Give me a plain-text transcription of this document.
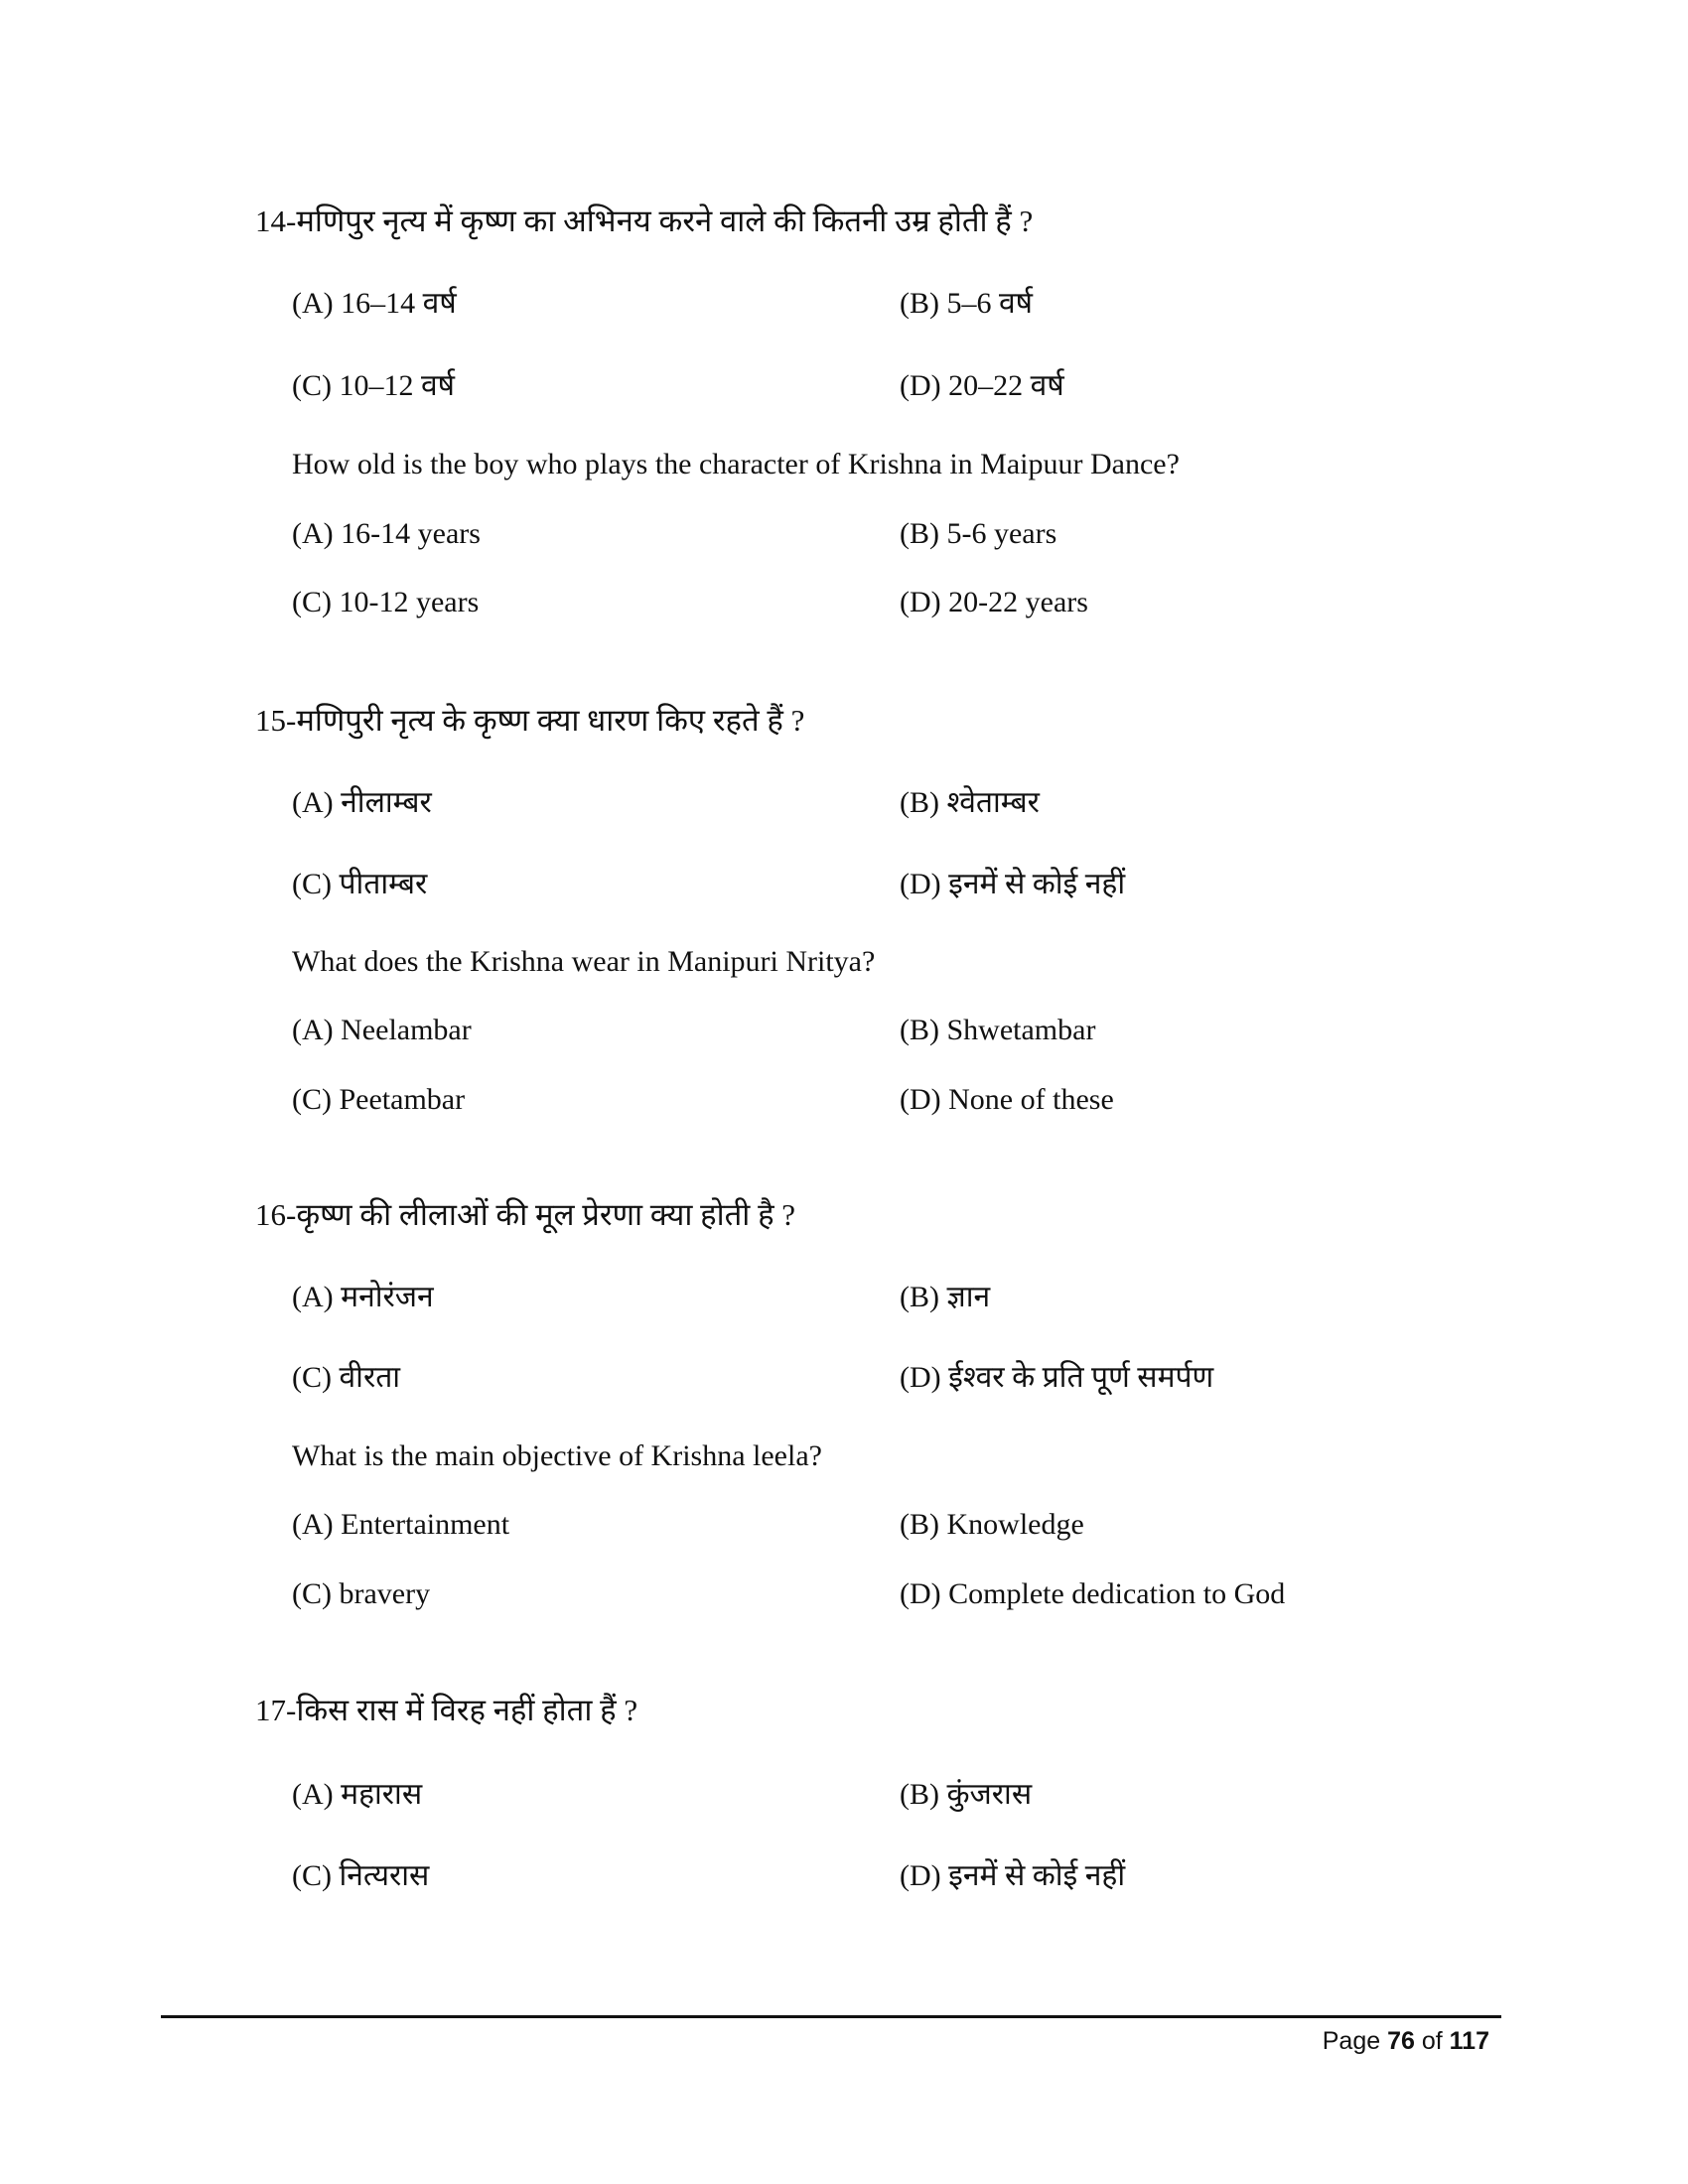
14-मणिपुर नृत्य में कृष्ण का अभिनय करने वाले की कितनी उम्र होती हैं ?
(A) 16–14 वर्ष	(B) 5–6 वर्ष
(C) 10–12 वर्ष	(D) 20–22 वर्ष
How old is the boy who plays the character of Krishna in Maipuur Dance?
(A) 16-14 years	(B) 5-6 years
(C) 10-12 years	(D) 20-22 years
15-मणिपुरी नृत्य के कृष्ण क्या धारण किए रहते हैं ?
(A) नीलाम्बर	(B) श्वेताम्बर
(C) पीताम्बर	(D) इनमें से कोई नहीं
What does the Krishna wear in Manipuri Nritya?
(A) Neelambar	(B) Shwetambar
(C) Peetambar	(D) None of these
16-कृष्ण की लीलाओं की मूल प्रेरणा क्या होती है ?
(A) मनोरंजन	(B) ज्ञान
(C) वीरता	(D) ईश्वर के प्रति पूर्ण समर्पण
What is the main objective of Krishna leela?
(A) Entertainment	(B) Knowledge
(C) bravery	(D) Complete dedication to God
17-किस रास में विरह नहीं होता हैं ?
(A) महारास	(B) कुंजरास
(C) नित्यरास	(D) इनमें से कोई नहीं
Page 76 of 117
